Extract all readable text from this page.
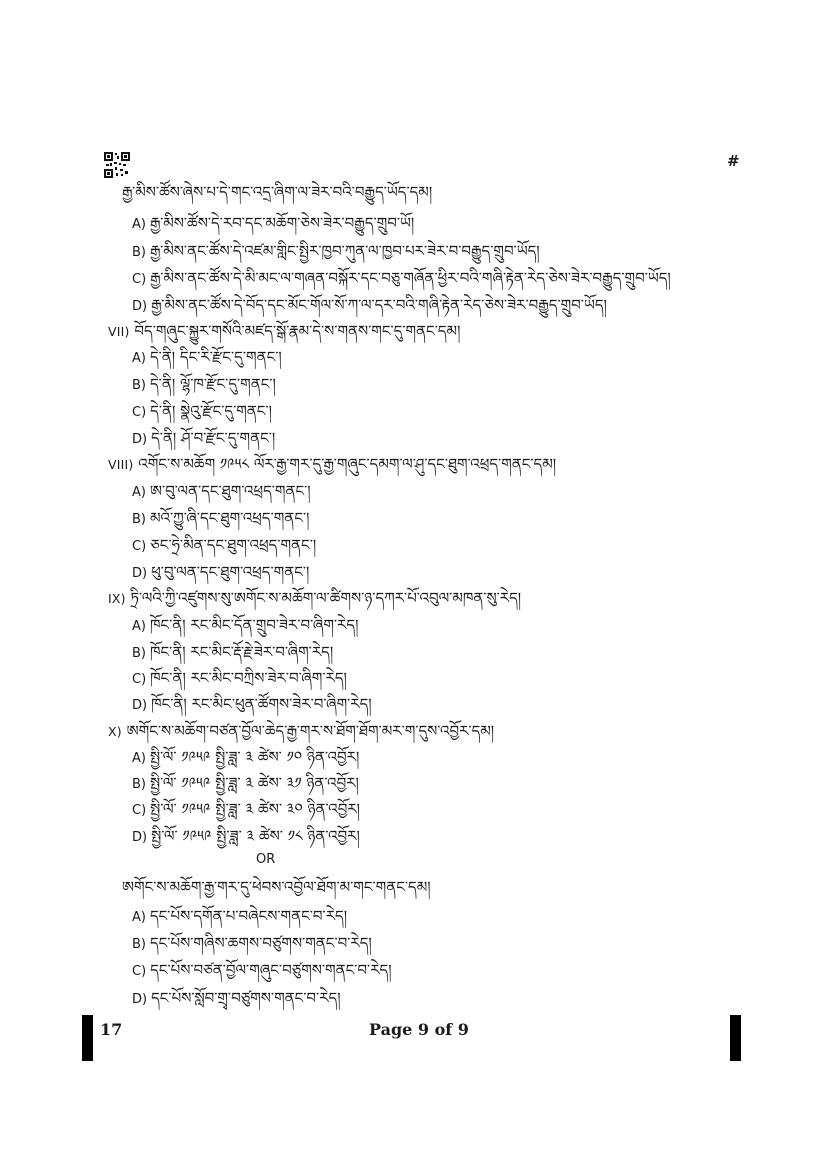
#
རྒྱ་མིས་ཚོས་ཞེས་པ་དེ་གང་འདྲ་ཞིག་ལ་ཟེར་བའི་བརྒྱུད་ཡོད་དམ།
A) རྒྱ་མིས་ཚོས་དེ་རབ་དང་མཆོག་ཅེས་ཟེར་བརྒྱུད་གྲུབ་ཡོ།
B) རྒྱ་མིས་ནང་ཚོས་དེ་འཛམ་གླིང་སྤྱིར་ཁྱབ་ཀུན་ལ་ཁྱབ་པར་ཟེར་བ་བརྒྱུད་གྲུབ་ཡོད།
C) རྒྱ་མིས་ནང་ཚོས་དེ་མི་མང་ལ་གཞན་བསྐོར་དང་བཅུ་གཞོན་ཕྱིར་བའི་གཞི་རྟེན་རེད་ཅེས་ཟེར་བརྒྱུད་གྲུབ་ཡོད།
D) རྒྱ་མིས་ནང་ཚོས་དེ་བོད་དང་མོང་གོལ་སོ་ཀ་ལ་དར་བའི་གཞི་རྟེན་རེད་ཅེས་ཟེར་བརྒྱུད་གྲུབ་ཡོད།
VII) བོད་གཞུང་སྐྱུར་གསོའི་མཛད་སྒོ་རྣམ་དེ་ས་གནས་གང་དུ་གནང་དམ།
A) དེ་ནི། དིང་རི་རྫོང་དུ་གནང་།
B) དེ་ནི། ལྷོ་ཁ་རྫོང་དུ་གནང་།
C) དེ་ནི། སྣེའུ་རྫོང་དུ་གནང་།
D) དེ་ནི། ཤོ་བ་རྫོང་དུ་གནང་།
VIII) འགོང་ས་མཆོག ༡༩༥༨ ལོར་རྒྱ་གར་དུ་རྒྱ་གཞུང་དམག་ལ་ཤུ་དང་ཐུག་འཕྲད་གནང་དམ།
A) ཨ་བུ་ལན་དང་ཐུག་འཕྲད་གནང་།
B) མའོ་ཀྱུ་ཞི་དང་ཐུག་འཕྲད་གནང་།
C) ཅང་ཧྲེ་མིན་དང་ཐུག་འཕྲད་གནང་།
D) ཕུ་བུ་ལན་དང་ཐུག་འཕྲད་གནང་།
IX) ཏྲི་ལའི་ཀྱི་འཛུགས་སུ་ཨགོང་ས་མཆོག་ལ་ཚིགས་ཉ་དཀར་པོ་འབུལ་མཁན་སུ་རེད།
A) ཁོང་ནི། རང་མིང་དོན་གྲུབ་ཟེར་བ་ཞིག་རེད།
B) ཁོང་ནི། རང་མིང་རྡོ་རྗེ་ཟེར་བ་ཞིག་རེད།
C) ཁོང་ནི། རང་མིང་བཀྲིས་ཟེར་བ་ཞིག་རེད།
D) ཁོང་ནི། རང་མིང་ཕུན་ཚོགས་ཟེར་བ་ཞིག་རེད།
X) ཨགོང་ས་མཆོག་བཙན་བྱོལ་ཆེད་རྒྱ་གར་ས་ཐོག་ཐོག་མར་ག་དུས་འབྱོར་དམ།
A) སྤྱི་ལོ་ ༡༩༥༩ སྤྱི་ཟླ་ ༣ ཚེས་ ༡༠ ཉིན་འབྱོར།
B) སྤྱི་ལོ་ ༡༩༥༩ སྤྱི་ཟླ་ ༣ ཚེས་ ༣༡ ཉིན་འབྱོར།
C) སྤྱི་ལོ་ ༡༩༥༩ སྤྱི་ཟླ་ ༣ ཚེས་ ༣༠ ཉིན་འབྱོར།
D) སྤྱི་ལོ་ ༡༩༥༩ སྤྱི་ཟླ་ ༣ ཚེས་ ༡༨ ཉིན་འབྱོར།
OR
ཨགོང་ས་མཆོག་རྒྱ་གར་དུ་ཕེབས་འབྱོལ་ཐོག་མ་གང་གནང་དམ།
A) དང་པོས་དགོན་པ་བཞེངས་གནང་བ་རེད།
B) དང་པོས་གཞིས་ཆགས་བཙུགས་གནང་བ་རེད།
C) དང་པོས་བཙན་བྱོལ་གཞུང་བཙུགས་གནང་བ་རེད།
D) དང་པོས་སློབ་གྲྭ་བཙུགས་གནང་བ་རེད།
17	Page 9 of 9
